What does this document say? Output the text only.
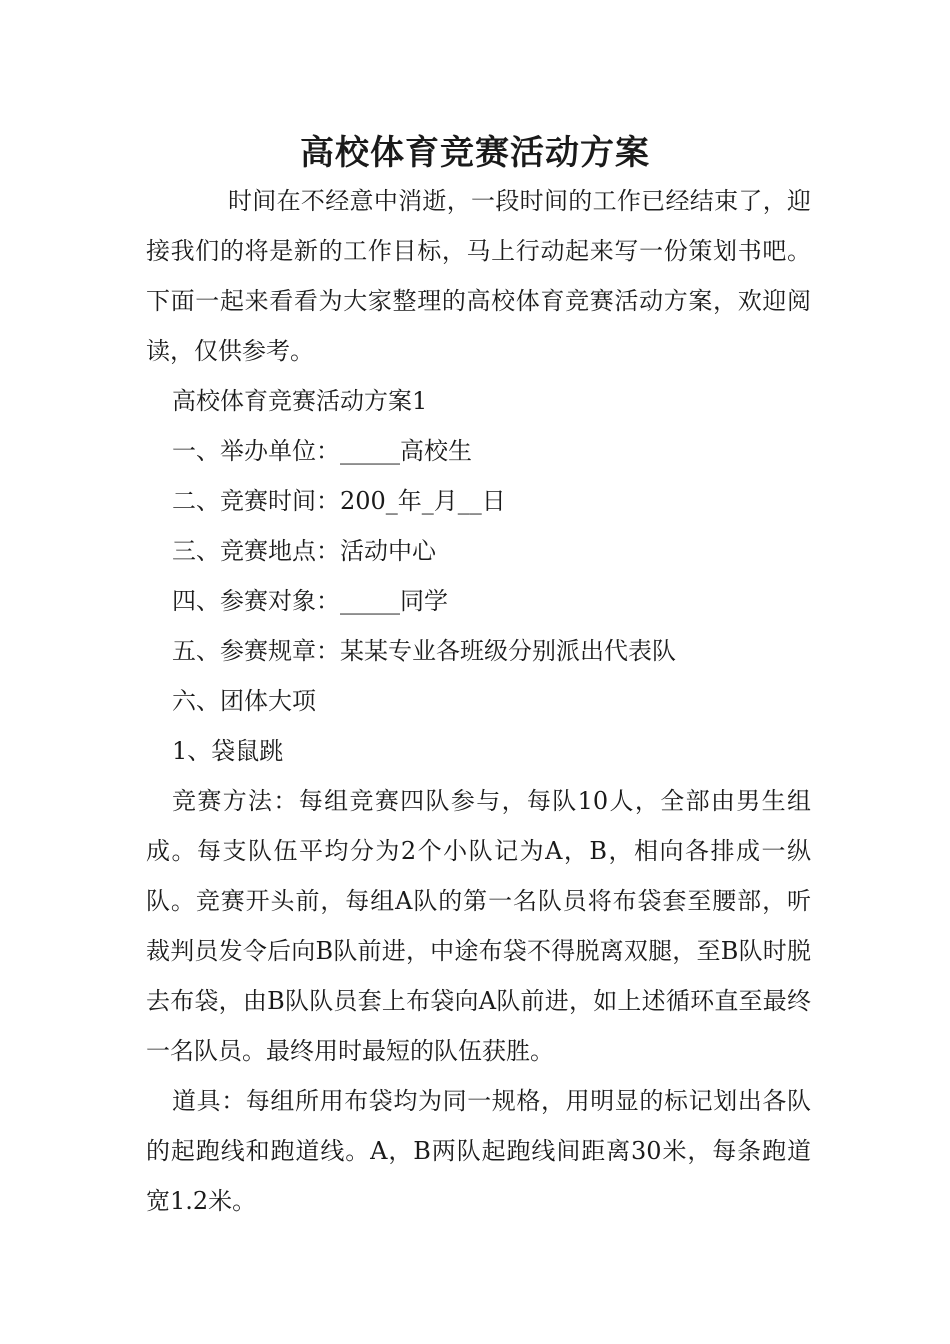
高校体育竞赛活动方案

时间在不经意中消逝，一段时间的工作已经结束了，迎接我们的将是新的工作目标，马上行动起来写一份策划书吧。下面一起来看看为大家整理的高校体育竞赛活动方案，欢迎阅读，仅供参考。

高校体育竞赛活动方案1

一、举办单位：_____高校生

二、竞赛时间：200_年_月__日

三、竞赛地点：活动中心

四、参赛对象：_____同学

五、参赛规章：某某专业各班级分别派出代表队

六、团体大项

1、袋鼠跳

竞赛方法：每组竞赛四队参与，每队10人，全部由男生组成。每支队伍平均分为2个小队记为A，B，相向各排成一纵队。竞赛开头前，每组A队的第一名队员将布袋套至腰部，听裁判员发令后向B队前进，中途布袋不得脱离双腿，至B队时脱去布袋，由B队队员套上布袋向A队前进，如上述循环直至最终一名队员。最终用时最短的队伍获胜。

道具：每组所用布袋均为同一规格，用明显的标记划出各队的起跑线和跑道线。A，B两队起跑线间距离30米，每条跑道宽1.2米。
